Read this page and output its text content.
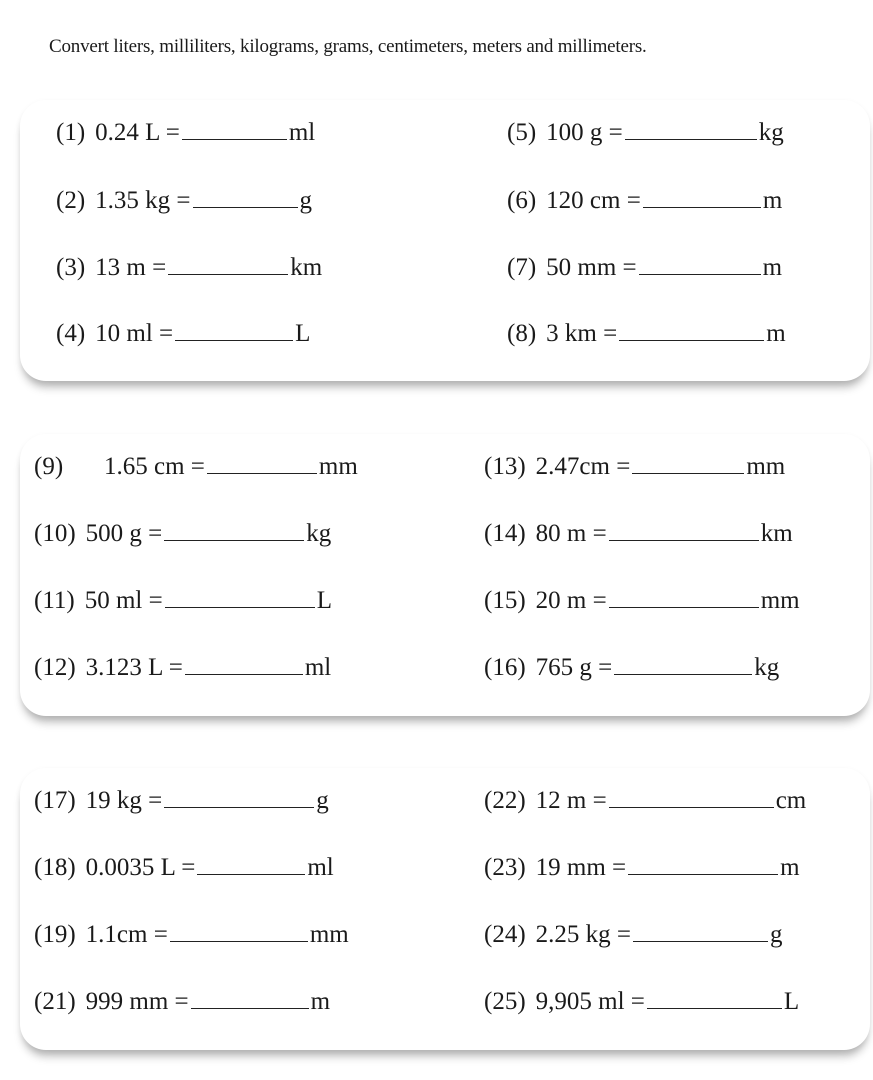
Convert liters, milliliters, kilograms, grams, centimeters, meters and millimeters.
(1) 0.24 L =	ml	(5) 100 g =	kg
(2) 1.35 kg =	g	(6) 120 cm =	m
(3) 13 m =	km	(7) 50 mm =	m
(4) 10 ml =	L	(8) 3 km =	m
(9) 1.65 cm =	mm	(13) 2.47cm =	mm
(10) 500 g =	kg	(14) 80 m =	km
(11) 50 ml =	L	(15) 20 m =	mm
(12) 3.123 L =	ml	(16) 765 g =	kg
(17) 19 kg =	g	(22) 12 m =	cm
(18) 0.0035 L =	ml	(23) 19 mm =	m
(19) 1.1cm =	mm	(24) 2.25 kg =	g
(21) 999 mm =	m	(25) 9,905 ml =	L
